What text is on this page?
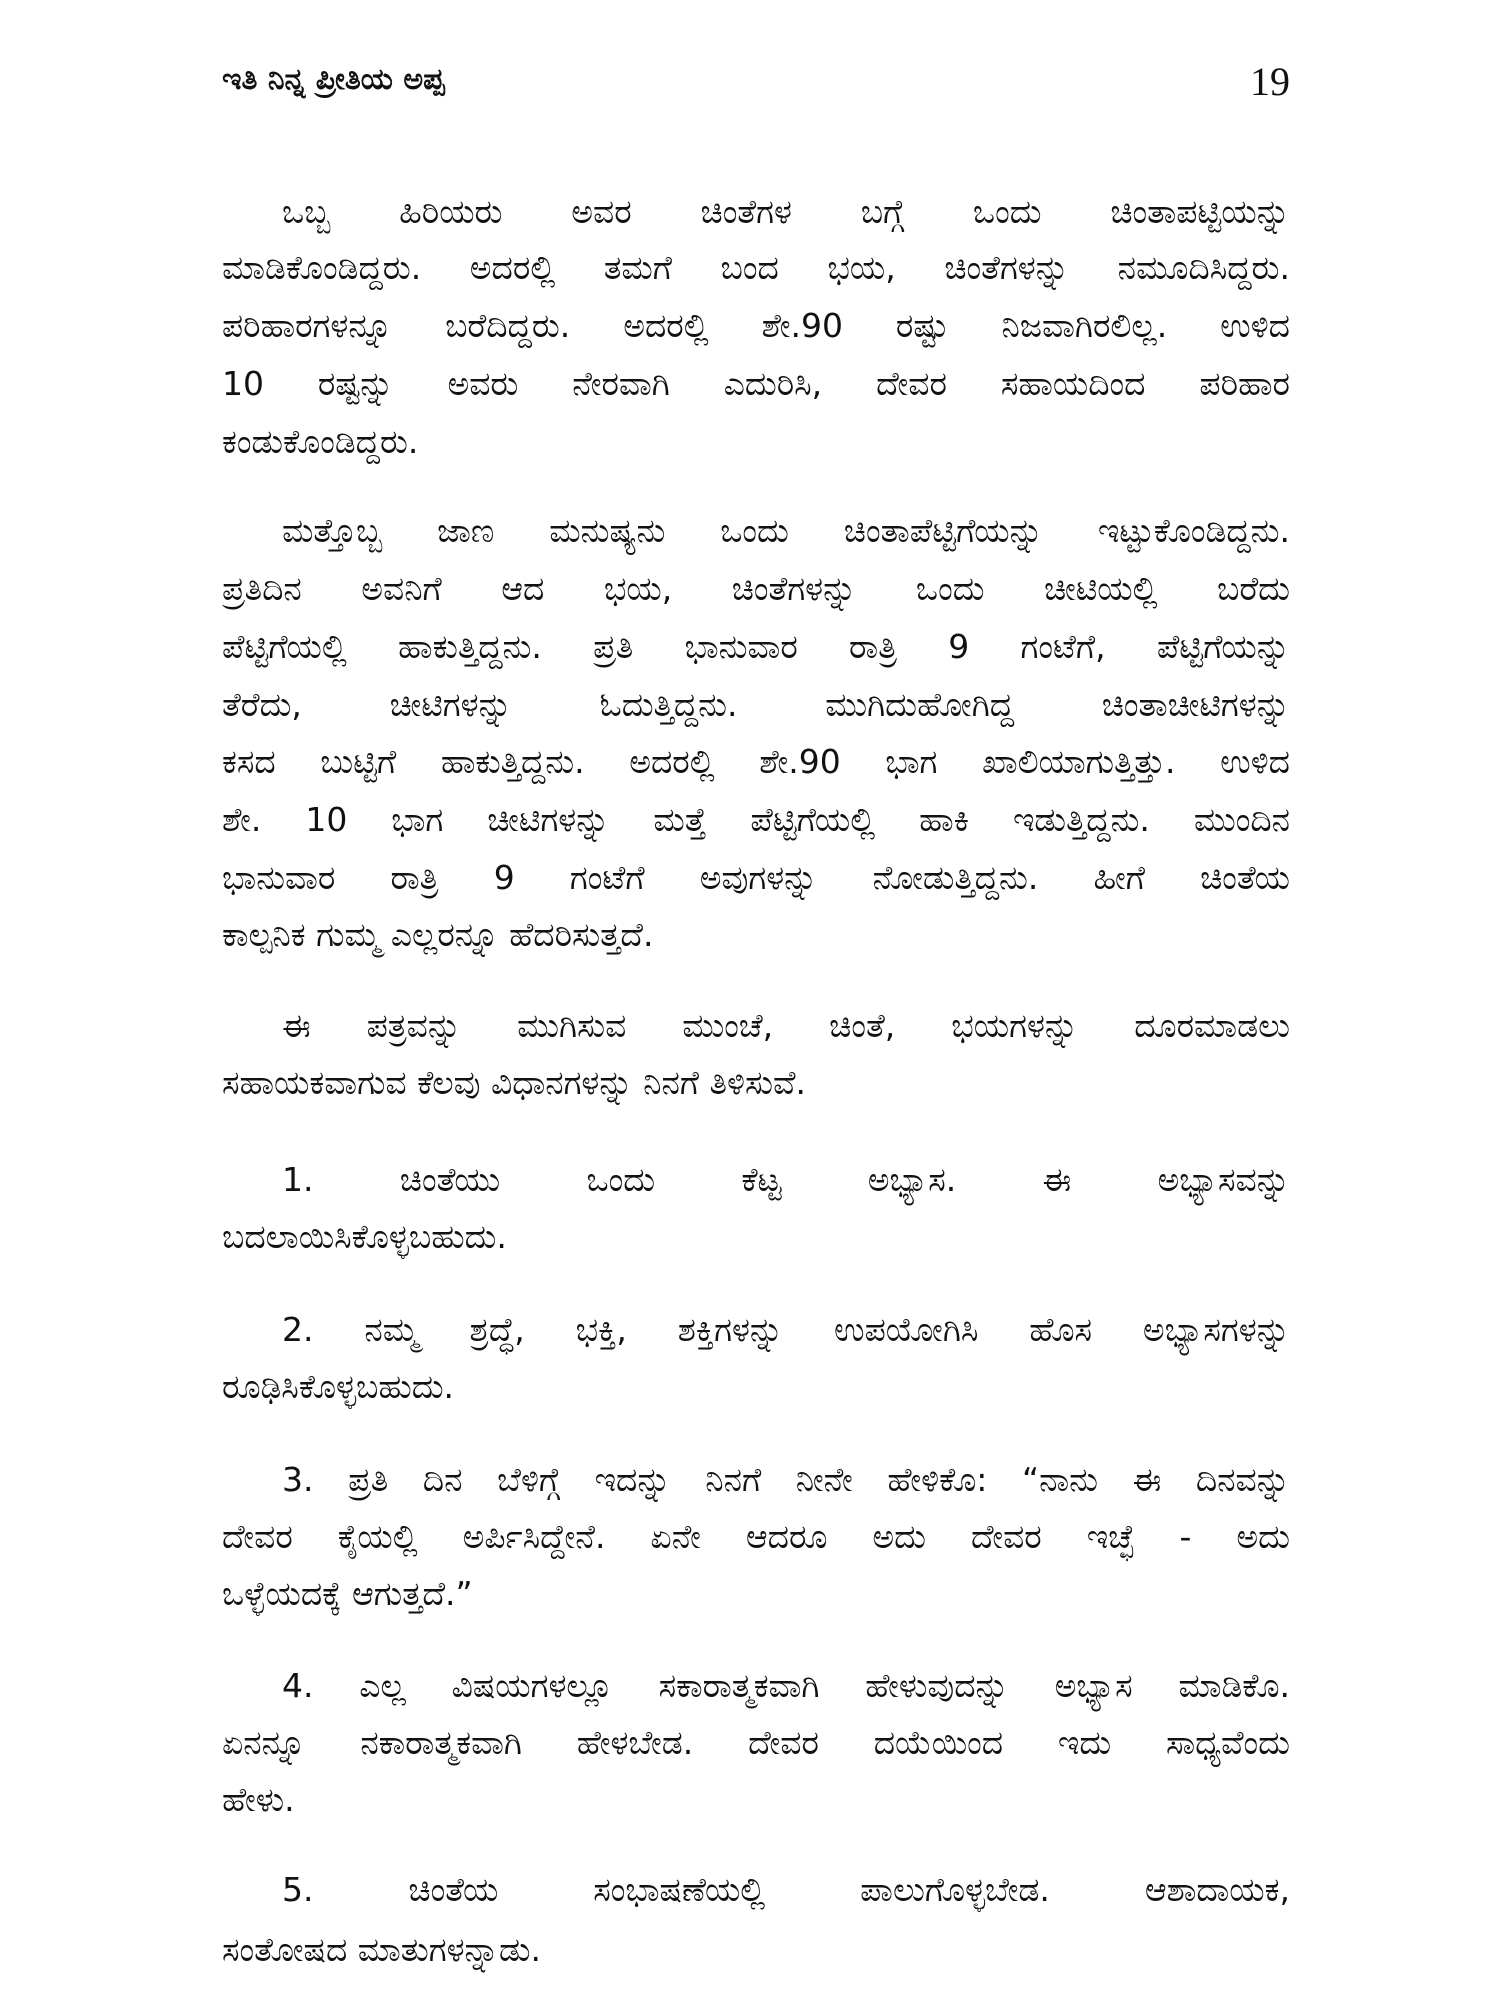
ಇತಿ ನಿನ್ನ ಪ್ರೀತಿಯ ಅಪ್ಪ	19
ಒಬ್ಬ ಹಿರಿಯರು ಅವರ ಚಿಂತೆಗಳ ಬಗ್ಗೆ ಒಂದು ಚಿಂತಾಪಟ್ಟಿಯನ್ನು
ಮಾಡಿಕೊಂಡಿದ್ದರು. ಅದರಲ್ಲಿ ತಮಗೆ ಬಂದ ಭಯ, ಚಿಂತೆಗಳನ್ನು ನಮೂದಿಸಿದ್ದರು.
ಪರಿಹಾರಗಳನ್ನೂ ಬರೆದಿದ್ದರು. ಅದರಲ್ಲಿ ಶೇ.90 ರಷ್ಟು ನಿಜವಾಗಿರಲಿಲ್ಲ. ಉಳಿದ
10 ರಷ್ಟನ್ನು ಅವರು ನೇರವಾಗಿ ಎದುರಿಸಿ, ದೇವರ ಸಹಾಯದಿಂದ ಪರಿಹಾರ
ಕಂಡುಕೊಂಡಿದ್ದರು.
ಮತ್ತೊಬ್ಬ ಜಾಣ ಮನುಷ್ಯನು ಒಂದು ಚಿಂತಾಪೆಟ್ಟಿಗೆಯನ್ನು ಇಟ್ಟುಕೊಂಡಿದ್ದನು.
ಪ್ರತಿದಿನ ಅವನಿಗೆ ಆದ ಭಯ, ಚಿಂತೆಗಳನ್ನು ಒಂದು ಚೀಟಿಯಲ್ಲಿ ಬರೆದು
ಪೆಟ್ಟಿಗೆಯಲ್ಲಿ ಹಾಕುತ್ತಿದ್ದನು. ಪ್ರತಿ ಭಾನುವಾರ ರಾತ್ರಿ 9 ಗಂಟೆಗೆ, ಪೆಟ್ಟಿಗೆಯನ್ನು
ತೆರೆದು, ಚೀಟಿಗಳನ್ನು ಓದುತ್ತಿದ್ದನು. ಮುಗಿದುಹೋಗಿದ್ದ ಚಿಂತಾಚೀಟಿಗಳನ್ನು
ಕಸದ ಬುಟ್ಟಿಗೆ ಹಾಕುತ್ತಿದ್ದನು. ಅದರಲ್ಲಿ ಶೇ.90 ಭಾಗ ಖಾಲಿಯಾಗುತ್ತಿತ್ತು. ಉಳಿದ
ಶೇ. 10 ಭಾಗ ಚೀಟಿಗಳನ್ನು ಮತ್ತೆ ಪೆಟ್ಟಿಗೆಯಲ್ಲಿ ಹಾಕಿ ಇಡುತ್ತಿದ್ದನು. ಮುಂದಿನ
ಭಾನುವಾರ ರಾತ್ರಿ 9 ಗಂಟೆಗೆ ಅವುಗಳನ್ನು ನೋಡುತ್ತಿದ್ದನು. ಹೀಗೆ ಚಿಂತೆಯ
ಕಾಲ್ಪನಿಕ ಗುಮ್ಮ ಎಲ್ಲರನ್ನೂ ಹೆದರಿಸುತ್ತದೆ.
ಈ ಪತ್ರವನ್ನು ಮುಗಿಸುವ ಮುಂಚೆ, ಚಿಂತೆ, ಭಯಗಳನ್ನು ದೂರಮಾಡಲು
ಸಹಾಯಕವಾಗುವ ಕೆಲವು ವಿಧಾನಗಳನ್ನು ನಿನಗೆ ತಿಳಿಸುವೆ.
1. ಚಿಂತೆಯು ಒಂದು ಕೆಟ್ಟ ಅಭ್ಯಾಸ. ಈ ಅಭ್ಯಾಸವನ್ನು
ಬದಲಾಯಿಸಿಕೊಳ್ಳಬಹುದು.
2. ನಮ್ಮ ಶ್ರದ್ಧೆ, ಭಕ್ತಿ, ಶಕ್ತಿಗಳನ್ನು ಉಪಯೋಗಿಸಿ ಹೊಸ ಅಭ್ಯಾಸಗಳನ್ನು
ರೂಢಿಸಿಕೊಳ್ಳಬಹುದು.
3. ಪ್ರತಿ ದಿನ ಬೆಳಿಗ್ಗೆ ಇದನ್ನು ನಿನಗೆ ನೀನೇ ಹೇಳಿಕೊ: “ನಾನು ಈ ದಿನವನ್ನು
ದೇವರ ಕೈಯಲ್ಲಿ ಅರ್ಪಿಸಿದ್ದೇನೆ. ಏನೇ ಆದರೂ ಅದು ದೇವರ ಇಚ್ಛೆ - ಅದು
ಒಳ್ಳೆಯದಕ್ಕೆ ಆಗುತ್ತದೆ.”
4. ಎಲ್ಲ ವಿಷಯಗಳಲ್ಲೂ ಸಕಾರಾತ್ಮಕವಾಗಿ ಹೇಳುವುದನ್ನು ಅಭ್ಯಾಸ ಮಾಡಿಕೊ.
ಏನನ್ನೂ ನಕಾರಾತ್ಮಕವಾಗಿ ಹೇಳಬೇಡ. ದೇವರ ದಯೆಯಿಂದ ಇದು ಸಾಧ್ಯವೆಂದು
ಹೇಳು.
5. ಚಿಂತೆಯ ಸಂಭಾಷಣೆಯಲ್ಲಿ ಪಾಲುಗೊಳ್ಳಬೇಡ. ಆಶಾದಾಯಕ,
ಸಂತೋಷದ ಮಾತುಗಳನ್ನಾಡು.
